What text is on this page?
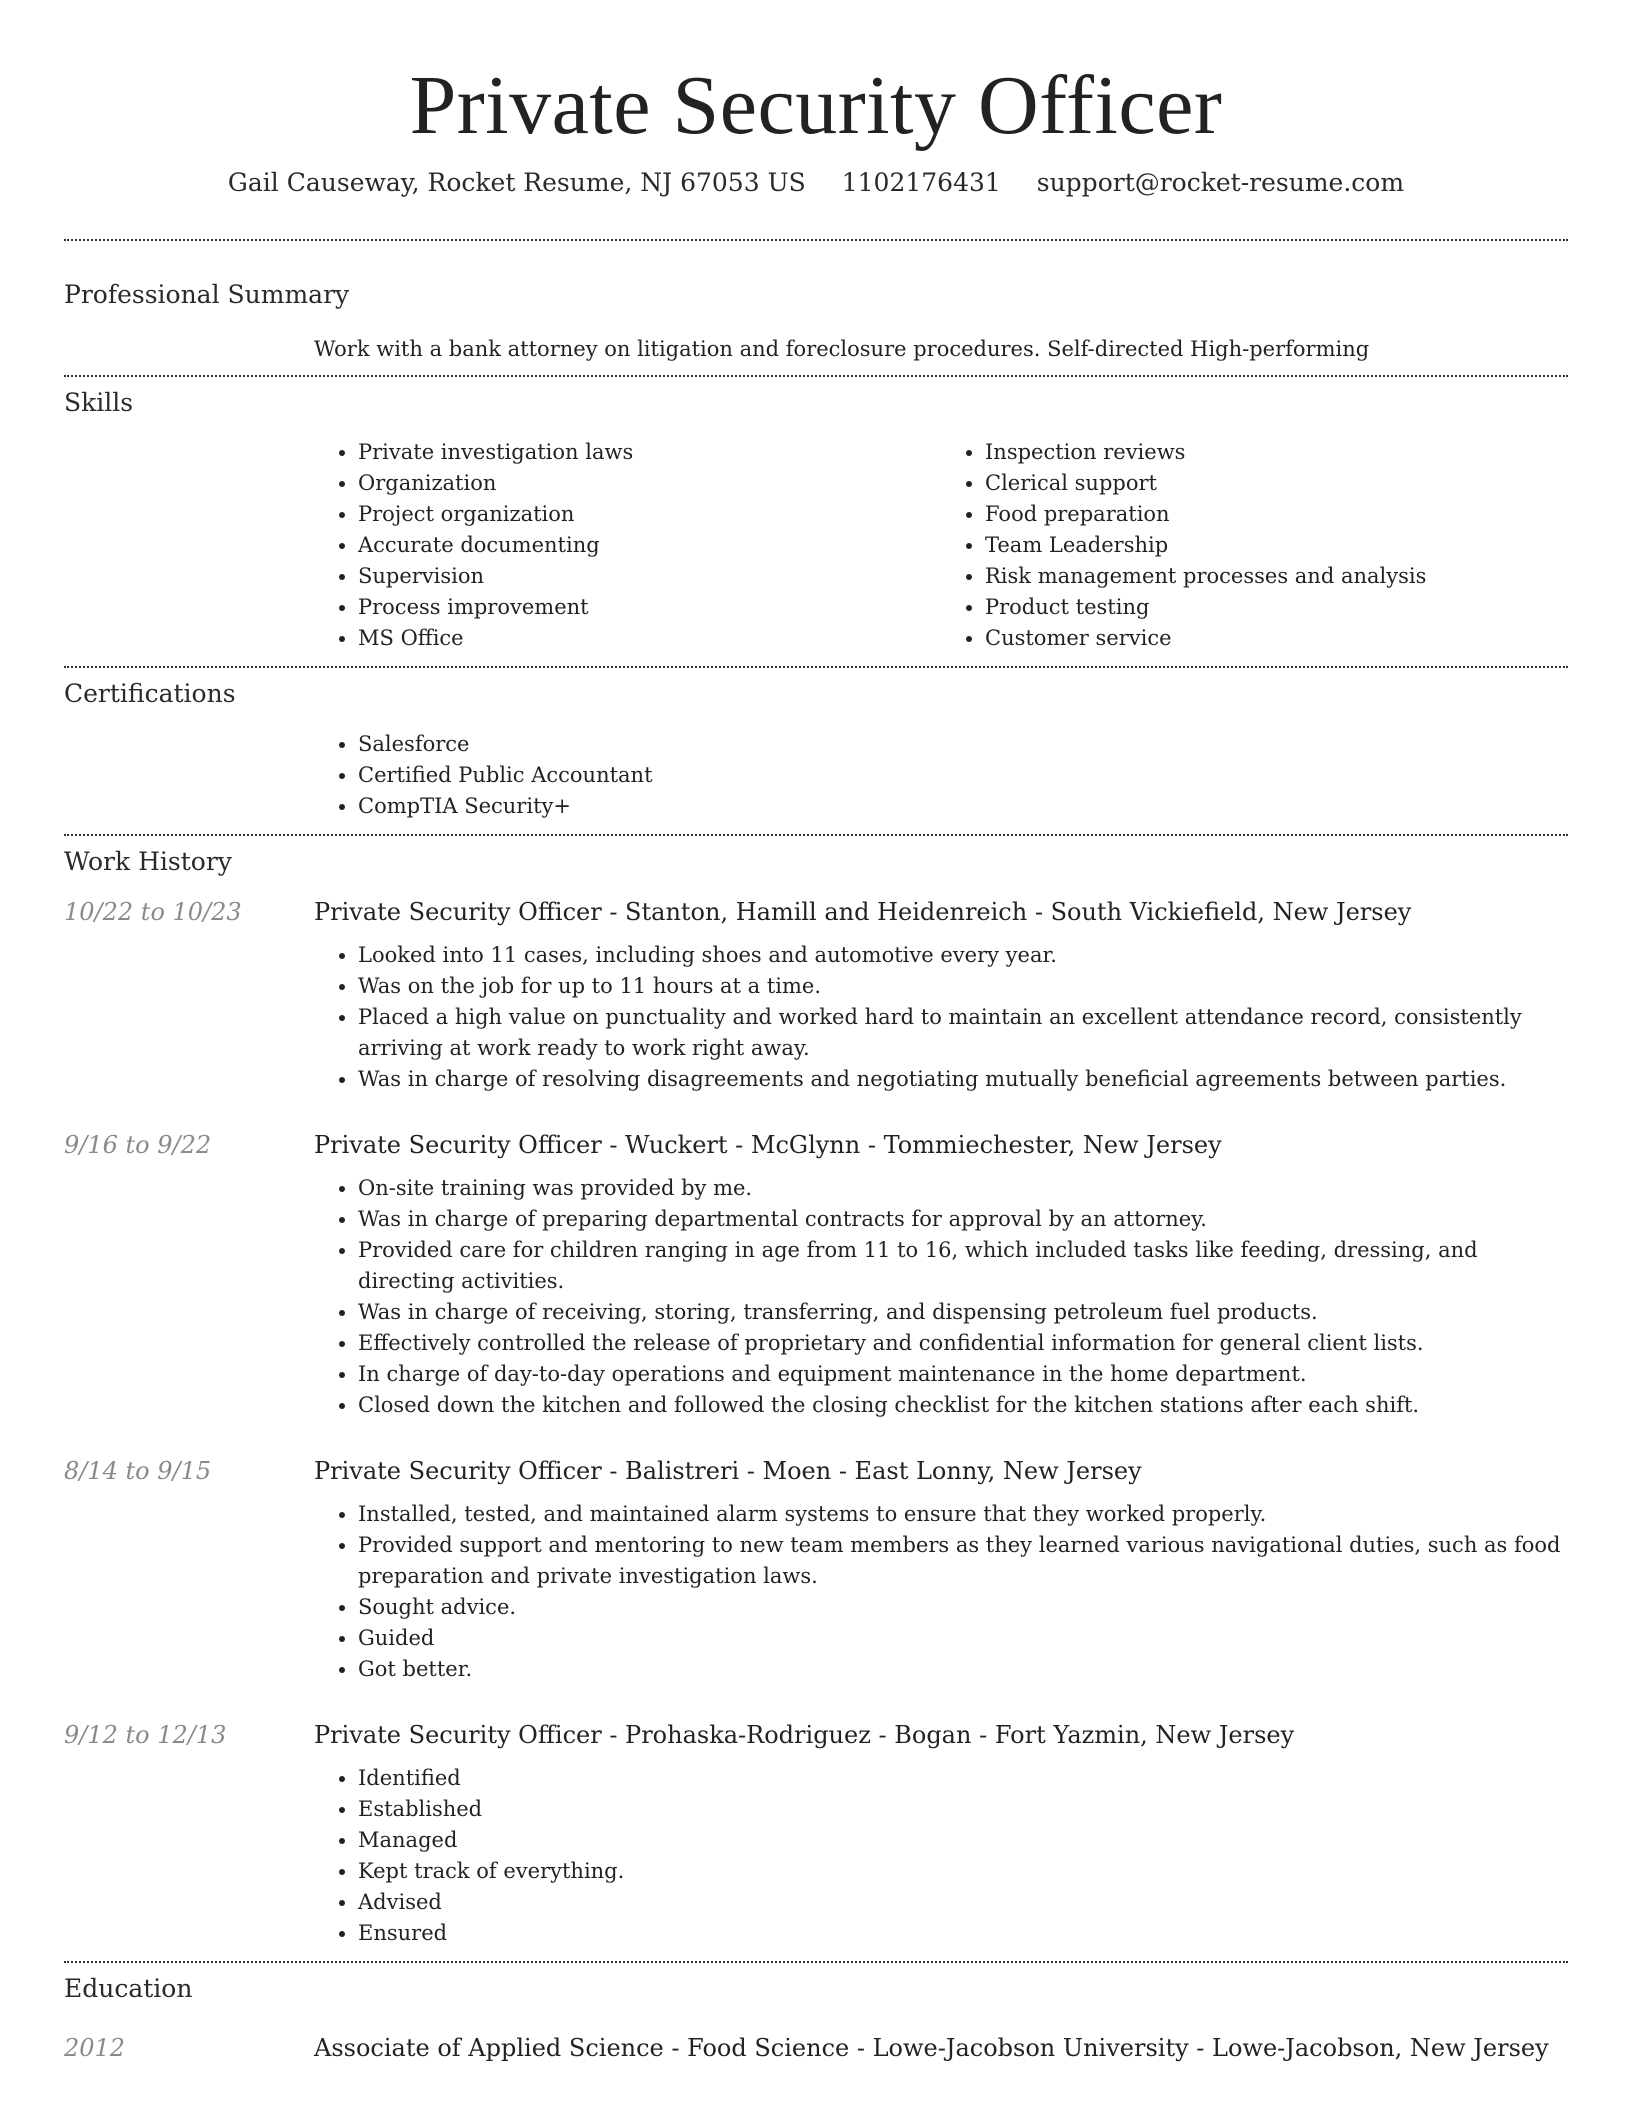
Private Security Officer
Gail Causeway, Rocket Resume, NJ 67053 US 1102176431 support@rocket-resume.com
Professional Summary
Work with a bank attorney on litigation and foreclosure procedures. Self-directed High-performing
Skills
• Private investigation laws
• Organization
• Project organization
• Accurate documenting
• Supervision
• Process improvement
• MS Office
• Inspection reviews
• Clerical support
• Food preparation
• Team Leadership
• Risk management processes and analysis
• Product testing
• Customer service
Certifications
• Salesforce
• Certified Public Accountant
• CompTIA Security+
Work History
10/22 to 10/23	Private Security Officer - Stanton, Hamill and Heidenreich - South Vickiefield, New Jersey
• Looked into 11 cases, including shoes and automotive every year.
• Was on the job for up to 11 hours at a time.
• Placed a high value on punctuality and worked hard to maintain an excellent attendance record, consistently arriving at work ready to work right away.
• Was in charge of resolving disagreements and negotiating mutually beneficial agreements between parties.
9/16 to 9/22	Private Security Officer - Wuckert - McGlynn - Tommiechester, New Jersey
• On-site training was provided by me.
• Was in charge of preparing departmental contracts for approval by an attorney.
• Provided care for children ranging in age from 11 to 16, which included tasks like feeding, dressing, and directing activities.
• Was in charge of receiving, storing, transferring, and dispensing petroleum fuel products.
• Effectively controlled the release of proprietary and confidential information for general client lists.
• In charge of day-to-day operations and equipment maintenance in the home department.
• Closed down the kitchen and followed the closing checklist for the kitchen stations after each shift.
8/14 to 9/15	Private Security Officer - Balistreri - Moen - East Lonny, New Jersey
• Installed, tested, and maintained alarm systems to ensure that they worked properly.
• Provided support and mentoring to new team members as they learned various navigational duties, such as food preparation and private investigation laws.
• Sought advice.
• Guided
• Got better.
9/12 to 12/13	Private Security Officer - Prohaska-Rodriguez - Bogan - Fort Yazmin, New Jersey
• Identified
• Established
• Managed
• Kept track of everything.
• Advised
• Ensured
Education
2012	Associate of Applied Science - Food Science - Lowe-Jacobson University - Lowe-Jacobson, New Jersey
